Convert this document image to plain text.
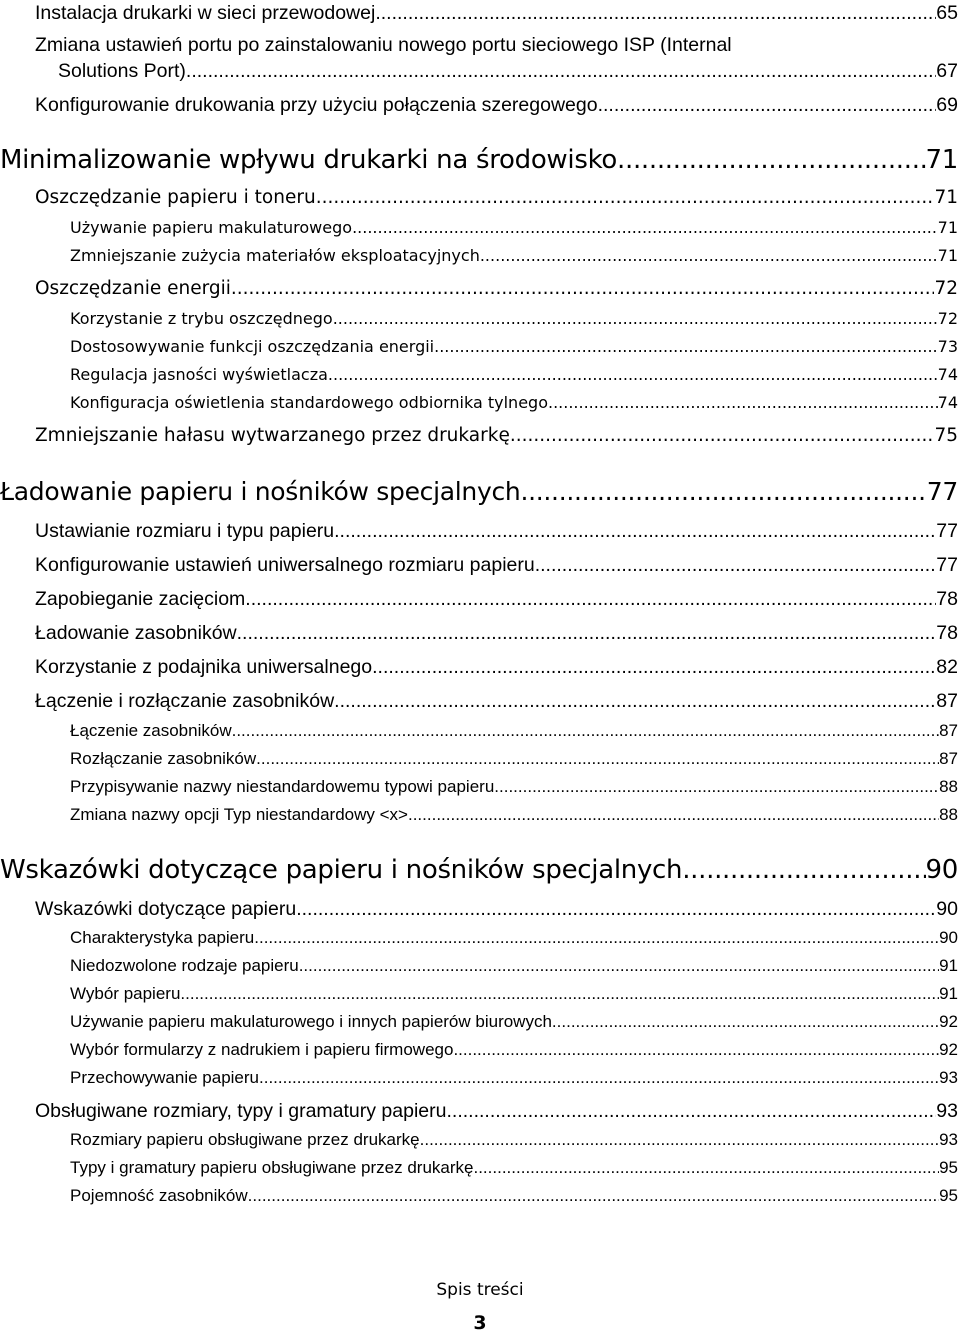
Instalacja drukarki w sieci przewodowej .....	65
Zmiana ustawień portu po zainstalowaniu nowego portu sieciowego ISP (Internal
Solutions Port) .....	67
Konfigurowanie drukowania przy użyciu połączenia szeregowego .....	69
Minimalizowanie wpływu drukarki na środowisko .....	71
Oszczędzanie papieru i toneru .....	71
Używanie papieru makulaturowego .....	71
Zmniejszanie zużycia materiałów eksploatacyjnych .....	71
Oszczędzanie energii .....	72
Korzystanie z trybu oszczędnego .....	72
Dostosowywanie funkcji oszczędzania energii .....	73
Regulacja jasności wyświetlacza .....	74
Konfiguracja oświetlenia standardowego odbiornika tylnego .....	74
Zmniejszanie hałasu wytwarzanego przez drukarkę .....	75
Ładowanie papieru i nośników specjalnych .....	77
Ustawianie rozmiaru i typu papieru .....	77
Konfigurowanie ustawień uniwersalnego rozmiaru papieru .....	77
Zapobieganie zacięciom .....	78
Ładowanie zasobników .....	78
Korzystanie z podajnika uniwersalnego .....	82
Łączenie i rozłączanie zasobników .....	87
Łączenie zasobników .....	87
Rozłączanie zasobników .....	87
Przypisywanie nazwy niestandardowemu typowi papieru .....	88
Zmiana nazwy opcji Typ niestandardowy <x> .....	88
Wskazówki dotyczące papieru i nośników specjalnych .....	90
Wskazówki dotyczące papieru .....	90
Charakterystyka papieru .....	90
Niedozwolone rodzaje papieru .....	91
Wybór papieru .....	91
Używanie papieru makulaturowego i innych papierów biurowych .....	92
Wybór formularzy z nadrukiem i papieru firmowego .....	92
Przechowywanie papieru .....	93
Obsługiwane rozmiary, typy i gramatury papieru .....	93
Rozmiary papieru obsługiwane przez drukarkę .....	93
Typy i gramatury papieru obsługiwane przez drukarkę .....	95
Pojemność zasobników .....	95
Spis treści
3
